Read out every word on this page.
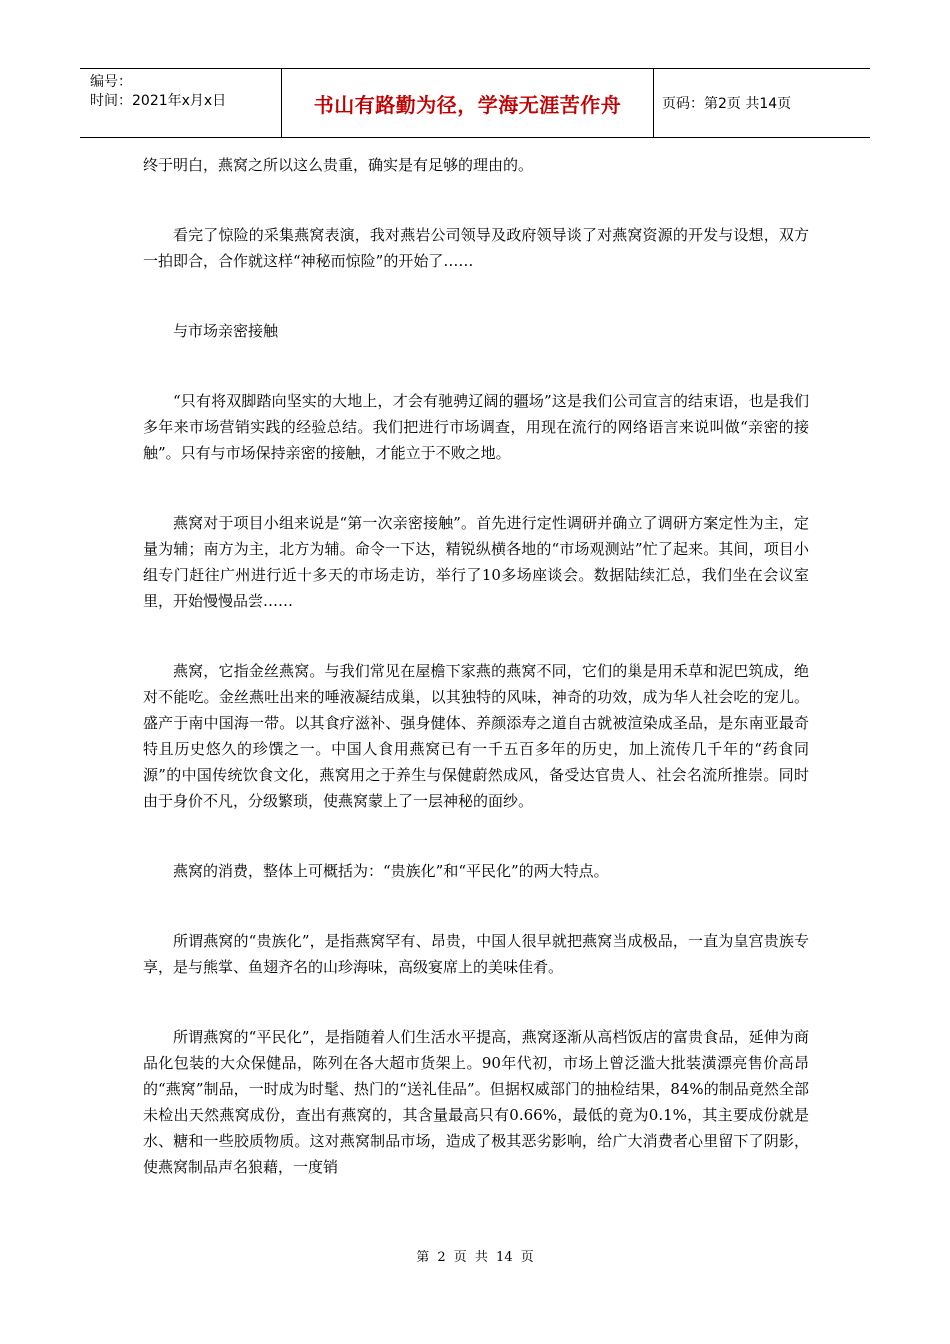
编号：
时间：2021年x月x日	书山有路勤为径，学海无涯苦作舟	页码：第2页 共14页

终于明白，燕窝之所以这么贵重，确实是有足够的理由的。

看完了惊险的采集燕窝表演，我对燕岩公司领导及政府领导谈了对燕窝资源的开发与设想，双方一拍即合，合作就这样“神秘而惊险”的开始了……

与市场亲密接触

“只有将双脚踏向坚实的大地上，才会有驰骋辽阔的疆场”这是我们公司宣言的结束语，也是我们多年来市场营销实践的经验总结。我们把进行市场调查，用现在流行的网络语言来说叫做“亲密的接触”。只有与市场保持亲密的接触，才能立于不败之地。

燕窝对于项目小组来说是“第一次亲密接触”。首先进行定性调研并确立了调研方案定性为主，定量为辅；南方为主，北方为辅。命令一下达，精锐纵横各地的“市场观测站”忙了起来。其间，项目小组专门赶往广州进行近十多天的市场走访，举行了10多场座谈会。数据陆续汇总，我们坐在会议室里，开始慢慢品尝……

燕窝，它指金丝燕窝。与我们常见在屋檐下家燕的燕窝不同，它们的巢是用禾草和泥巴筑成，绝对不能吃。金丝燕吐出来的唾液凝结成巢，以其独特的风味，神奇的功效，成为华人社会吃的宠儿。盛产于南中国海一带。以其食疗滋补、强身健体、养颜添寿之道自古就被渲染成圣品，是东南亚最奇特且历史悠久的珍馔之一。中国人食用燕窝已有一千五百多年的历史，加上流传几千年的“药食同源”的中国传统饮食文化，燕窝用之于养生与保健蔚然成风，备受达官贵人、社会名流所推崇。同时由于身价不凡，分级繁琐，使燕窝蒙上了一层神秘的面纱。

燕窝的消费，整体上可概括为：“贵族化”和“平民化”的两大特点。

所谓燕窝的“贵族化”，是指燕窝罕有、昂贵，中国人很早就把燕窝当成极品，一直为皇宫贵族专享，是与熊掌、鱼翅齐名的山珍海味，高级宴席上的美味佳肴。

所谓燕窝的“平民化”，是指随着人们生活水平提高，燕窝逐渐从高档饭店的富贵食品，延伸为商品化包装的大众保健品，陈列在各大超市货架上。90年代初，市场上曾泛滥大批装潢漂亮售价高昂的“燕窝”制品，一时成为时髦、热门的“送礼佳品”。但据权威部门的抽检结果，84%的制品竟然全部未检出天然燕窝成份，查出有燕窝的，其含量最高只有0.66%，最低的竟为0.1%，其主要成份就是水、糖和一些胶质物质。这对燕窝制品市场，造成了极其恶劣影响，给广大消费者心里留下了阴影，使燕窝制品声名狼藉，一度销

第 2 页 共 14 页
